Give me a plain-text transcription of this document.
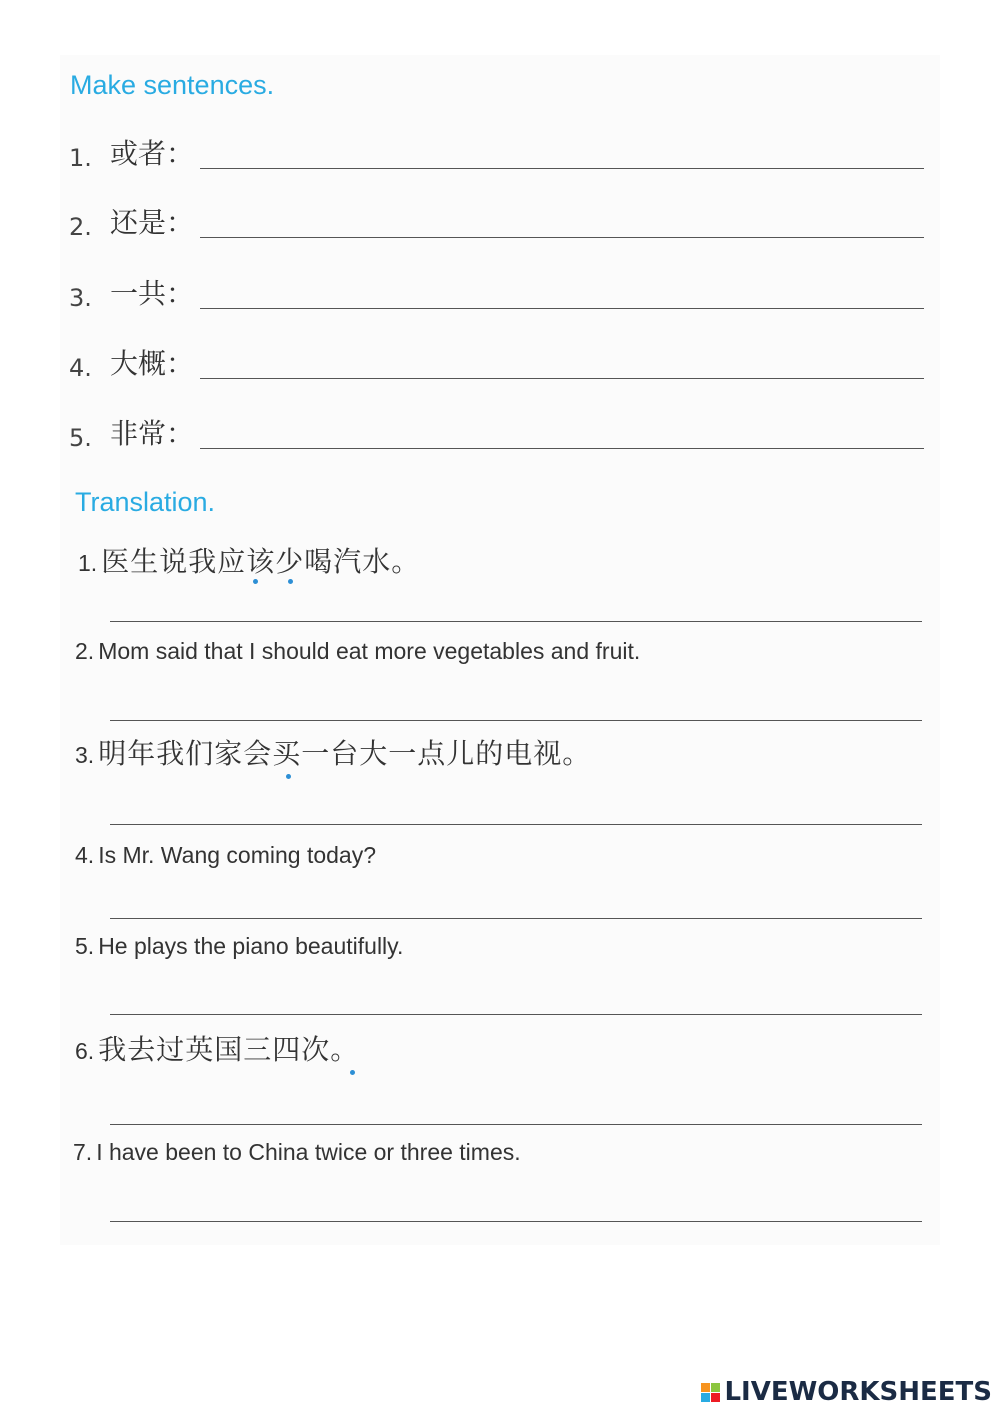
Make sentences.
1. 或者：
2. 还是：
3. 一共：
4. 大概：
5. 非常：
Translation.
1. 医生说我应该少喝汽水。
2. Mom said that I should eat more vegetables and fruit.
3. 明年我们家会买一台大一点儿的电视。
4. Is Mr. Wang coming today?
5. He plays the piano beautifully.
6. 我去过英国三四次。
7. I have been to China twice or three times.
LIVEWORKSHEETS
